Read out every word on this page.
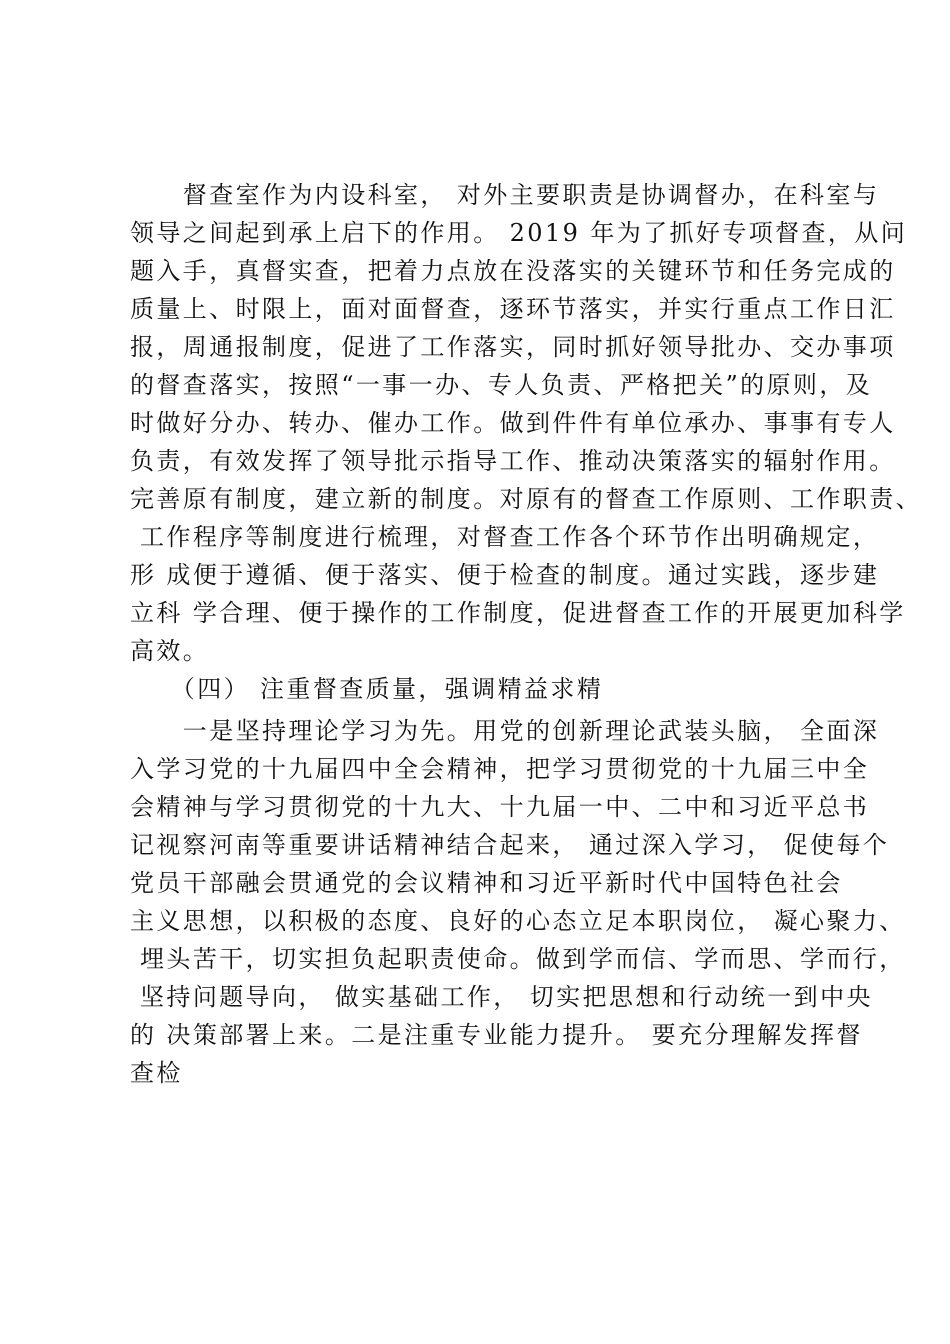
　　督查室作为内设科室， 对外主要职责是协调督办，在科室与
领导之间起到承上启下的作用。 2019 年为了抓好专项督查，从问
题入手，真督实查，把着力点放在没落实的关键环节和任务完成的
质量上、时限上，面对面督查，逐环节落实，并实行重点工作日汇
报，周通报制度，促进了工作落实，同时抓好领导批办、交办事项
的督查落实，按照“一事一办、专人负责、严格把关”的原则，及
时做好分办、转办、催办工作。做到件件有单位承办、事事有专人
负责，有效发挥了领导批示指导工作、推动决策落实的辐射作用。
完善原有制度，建立新的制度。对原有的督查工作原则、工作职责、
工作程序等制度进行梳理，对督查工作各个环节作出明确规定，
形 成便于遵循、便于落实、便于检查的制度。通过实践，逐步建
立科 学合理、便于操作的工作制度，促进督查工作的开展更加科学
高效。
　　（四） 注重督查质量，强调精益求精
　　一是坚持理论学习为先。用党的创新理论武装头脑， 全面深
入学习党的十九届四中全会精神，把学习贯彻党的十九届三中全
会精神与学习贯彻党的十九大、十九届一中、二中和习近平总书
记视察河南等重要讲话精神结合起来， 通过深入学习， 促使每个
党员干部融会贯通党的会议精神和习近平新时代中国特色社会
主义思想，以积极的态度、良好的心态立足本职岗位， 凝心聚力、
埋头苦干，切实担负起职责使命。做到学而信、学而思、学而行，
坚持问题导向， 做实基础工作， 切实把思想和行动统一到中央
的 决策部署上来。二是注重专业能力提升。 要充分理解发挥督
查检
